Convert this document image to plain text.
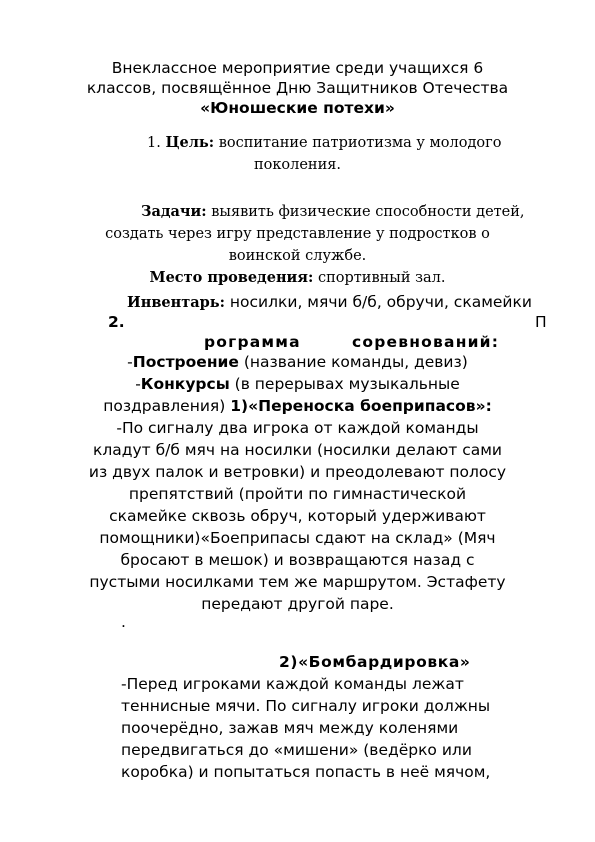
Внеклассное мероприятие среди учащихся 6
классов, посвящённое Дню Защитников Отечества
«Юношеские потехи»
1. Цель: воспитание патриотизма у молодого
поколения.
Задачи: выявить физические способности детей,
создать через игру представление у подростков о
воинской службе.
Место проведения: спортивный зал.
Инвентарь: носилки, мячи б/б, обручи, скамейки
2.	П
рограмма	соревнований:
-Построение (название команды, девиз)
-Конкурсы (в перерывах музыкальные
поздравления) 1)«Переноска боеприпасов»:
-По сигналу два игрока от каждой команды
кладут б/б мяч на носилки (носилки делают сами
из двух палок и ветровки) и преодолевают полосу
препятствий (пройти по гимнастической
скамейке сквозь обруч, который удерживают
помощники)«Боеприпасы сдают на склад» (Мяч
бросают в мешок) и возвращаются назад с
пустыми носилками тем же маршрутом. Эстафету
передают другой паре.
.
2)«Бомбардировка»
-Перед игроками каждой команды лежат
теннисные мячи. По сигналу игроки должны
поочерёдно, зажав мяч между коленями
передвигаться до «мишени» (ведёрко или
коробка) и попытаться попасть в неё мячом,
